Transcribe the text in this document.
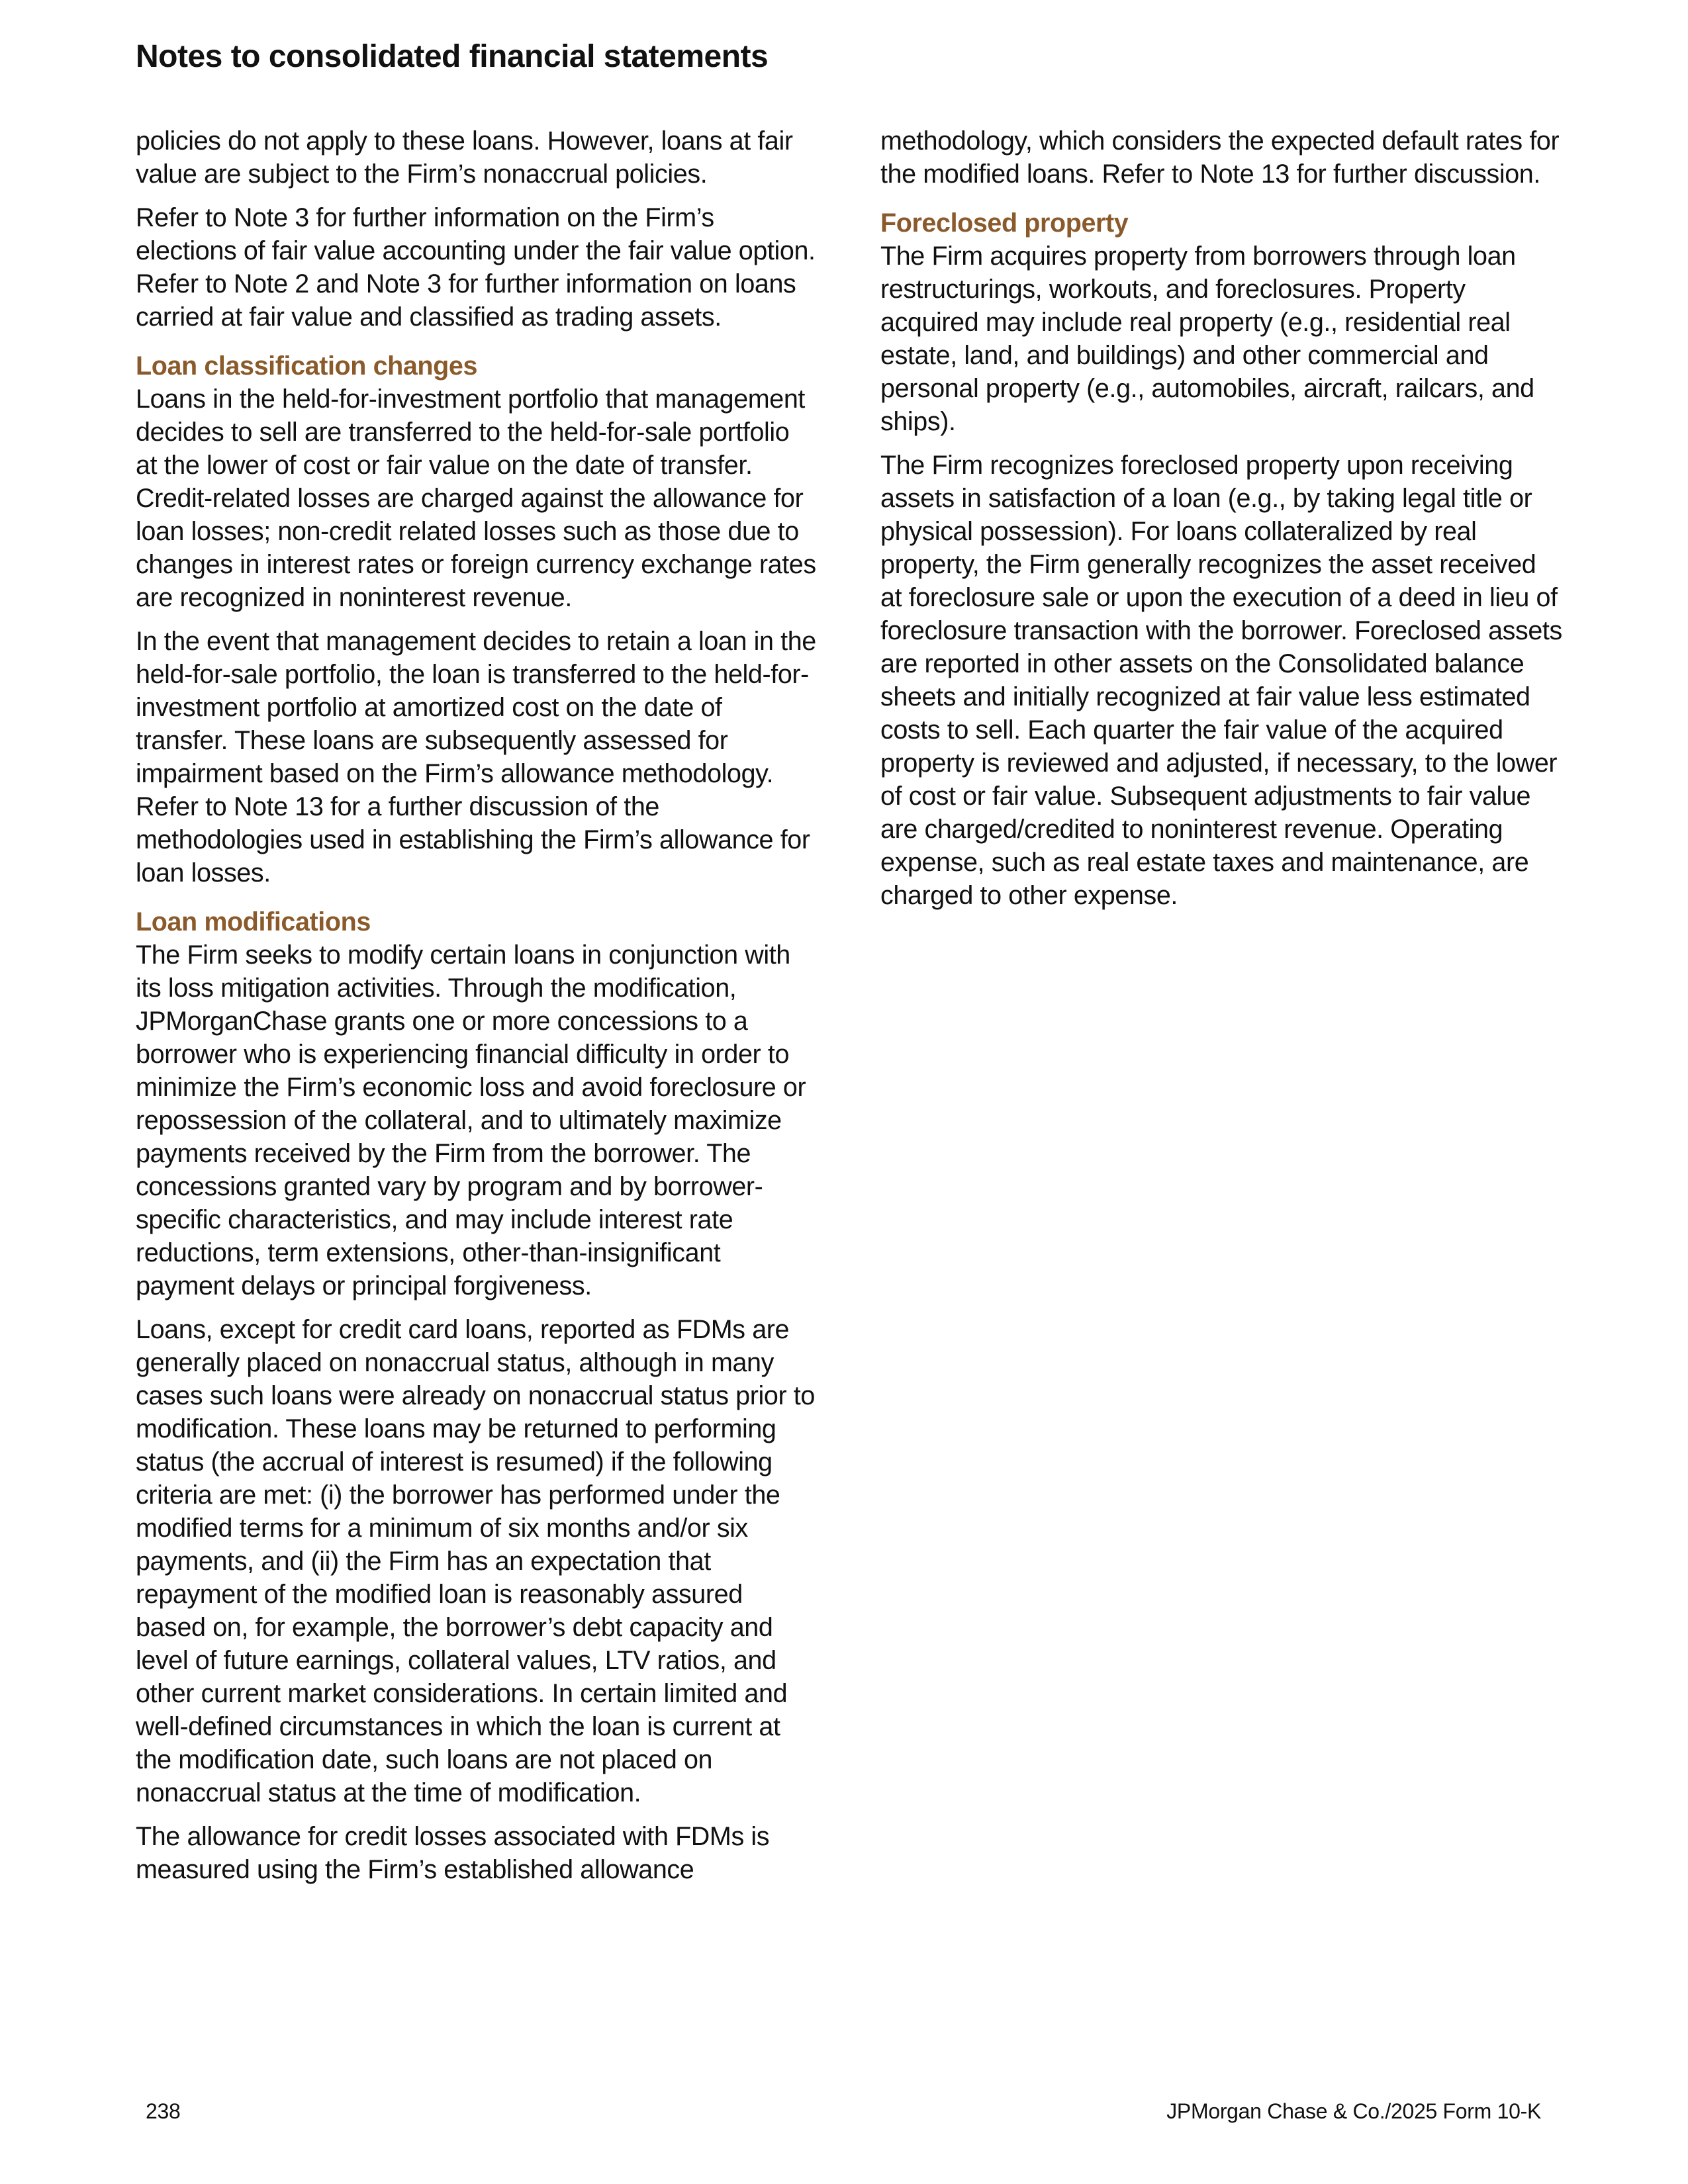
Notes to consolidated financial statements

policies do not apply to these loans. However, loans at fair value are subject to the Firm’s nonaccrual policies.

Refer to Note 3 for further information on the Firm’s elections of fair value accounting under the fair value option. Refer to Note 2 and Note 3 for further information on loans carried at fair value and classified as trading assets.

Loan classification changes

Loans in the held-for-investment portfolio that management decides to sell are transferred to the held-for-sale portfolio at the lower of cost or fair value on the date of transfer. Credit-related losses are charged against the allowance for loan losses; non-credit related losses such as those due to changes in interest rates or foreign currency exchange rates are recognized in noninterest revenue.

In the event that management decides to retain a loan in the held-for-sale portfolio, the loan is transferred to the held-for-investment portfolio at amortized cost on the date of transfer. These loans are subsequently assessed for impairment based on the Firm’s allowance methodology. Refer to Note 13 for a further discussion of the methodologies used in establishing the Firm’s allowance for loan losses.

Loan modifications

The Firm seeks to modify certain loans in conjunction with its loss mitigation activities. Through the modification, JPMorganChase grants one or more concessions to a borrower who is experiencing financial difficulty in order to minimize the Firm’s economic loss and avoid foreclosure or repossession of the collateral, and to ultimately maximize payments received by the Firm from the borrower. The concessions granted vary by program and by borrower-specific characteristics, and may include interest rate reductions, term extensions, other-than-insignificant payment delays or principal forgiveness.

Loans, except for credit card loans, reported as FDMs are generally placed on nonaccrual status, although in many cases such loans were already on nonaccrual status prior to modification. These loans may be returned to performing status (the accrual of interest is resumed) if the following criteria are met: (i) the borrower has performed under the modified terms for a minimum of six months and/or six payments, and (ii) the Firm has an expectation that repayment of the modified loan is reasonably assured based on, for example, the borrower’s debt capacity and level of future earnings, collateral values, LTV ratios, and other current market considerations. In certain limited and well-defined circumstances in which the loan is current at the modification date, such loans are not placed on nonaccrual status at the time of modification.

The allowance for credit losses associated with FDMs is measured using the Firm’s established allowance

methodology, which considers the expected default rates for the modified loans. Refer to Note 13 for further discussion.

Foreclosed property

The Firm acquires property from borrowers through loan restructurings, workouts, and foreclosures. Property acquired may include real property (e.g., residential real estate, land, and buildings) and other commercial and personal property (e.g., automobiles, aircraft, railcars, and ships).

The Firm recognizes foreclosed property upon receiving assets in satisfaction of a loan (e.g., by taking legal title or physical possession). For loans collateralized by real property, the Firm generally recognizes the asset received at foreclosure sale or upon the execution of a deed in lieu of foreclosure transaction with the borrower. Foreclosed assets are reported in other assets on the Consolidated balance sheets and initially recognized at fair value less estimated costs to sell. Each quarter the fair value of the acquired property is reviewed and adjusted, if necessary, to the lower of cost or fair value. Subsequent adjustments to fair value are charged/credited to noninterest revenue. Operating expense, such as real estate taxes and maintenance, are charged to other expense.

238	JPMorgan Chase & Co./2025 Form 10-K
